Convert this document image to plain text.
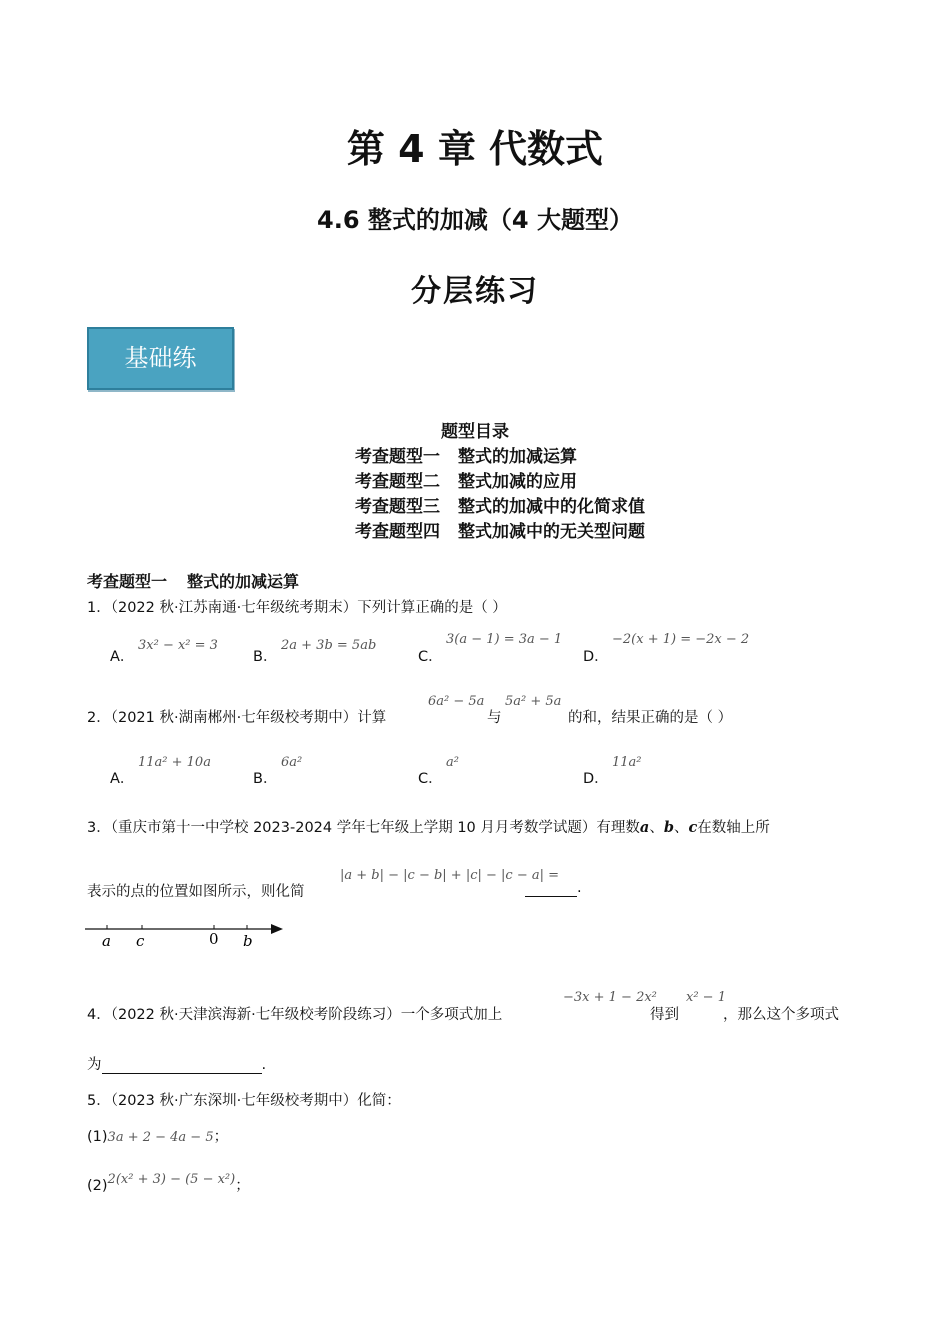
第 4 章 代数式
4.6 整式的加减（4 大题型）
分层练习
基础练
题型目录
考查题型一 整式的加减运算
考查题型二 整式加减的应用
考查题型三 整式的加减中的化简求值
考查题型四 整式加减中的无关型问题
考查题型一 整式的加减运算
1．（2022 秋·江苏南通·七年级统考期末）下列计算正确的是（ ）
A．
3x² − x² = 3
B．
2a + 3b = 5ab
C．
3(a − 1) = 3a − 1
D．
−2(x + 1) = −2x − 2
2．（2021 秋·湖南郴州·七年级校考期中）计算
6a² − 5a
与
5a² + 5a
的和，结果正确的是（ ）
A．
11a² + 10a
B．
6a²
C．
a²
D．
11a²
3．（重庆市第十一中学校 2023-2024 学年七年级上学期 10 月月考数学试题）有理数a、b、c在数轴上所
表示的点的位置如图所示，则化简
|a + b| − |c − b| + |c| − |c − a| =
.
a c	0 b
4．（2022 秋·天津滨海新·七年级校考阶段练习）一个多项式加上
−3x + 1 − 2x²
得到
x² − 1
，那么这个多项式
为	.
5．（2023 秋·广东深圳·七年级校考期中）化简：
(1)3a + 2 − 4a − 5；
(2)2(x² + 3) − (5 − x²)；
